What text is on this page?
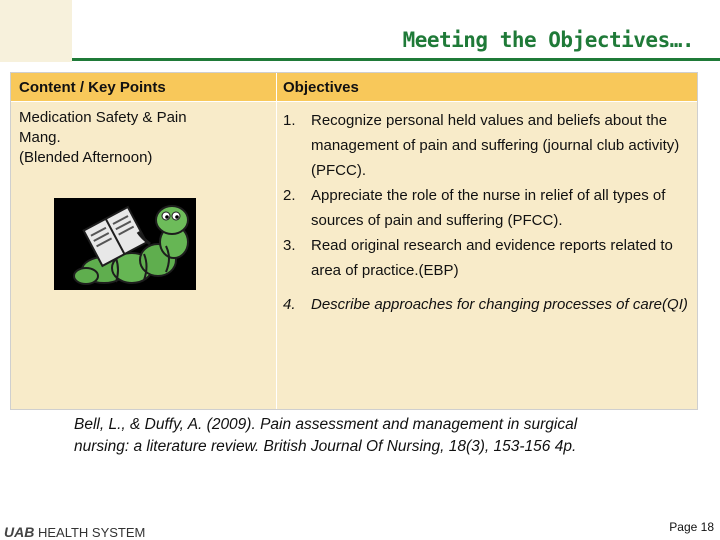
Meeting the Objectives….
Content / Key Points	Objectives
Medication Safety & Pain
Mang.
(Blended Afternoon)
1. Recognize personal held values and beliefs about the management of pain and suffering (journal club activity)(PFCC).
2. Appreciate the role of the nurse in relief of all types of sources of pain and suffering (PFCC).
3. Read original research and evidence reports related to area of practice.(EBP)
4. Describe approaches for changing processes of care(QI)
Bell, L., & Duffy, A. (2009). Pain assessment and management in surgical nursing: a literature review. British Journal Of Nursing, 18(3), 153-156 4p.
UAB HEALTH SYSTEM	Page 18
